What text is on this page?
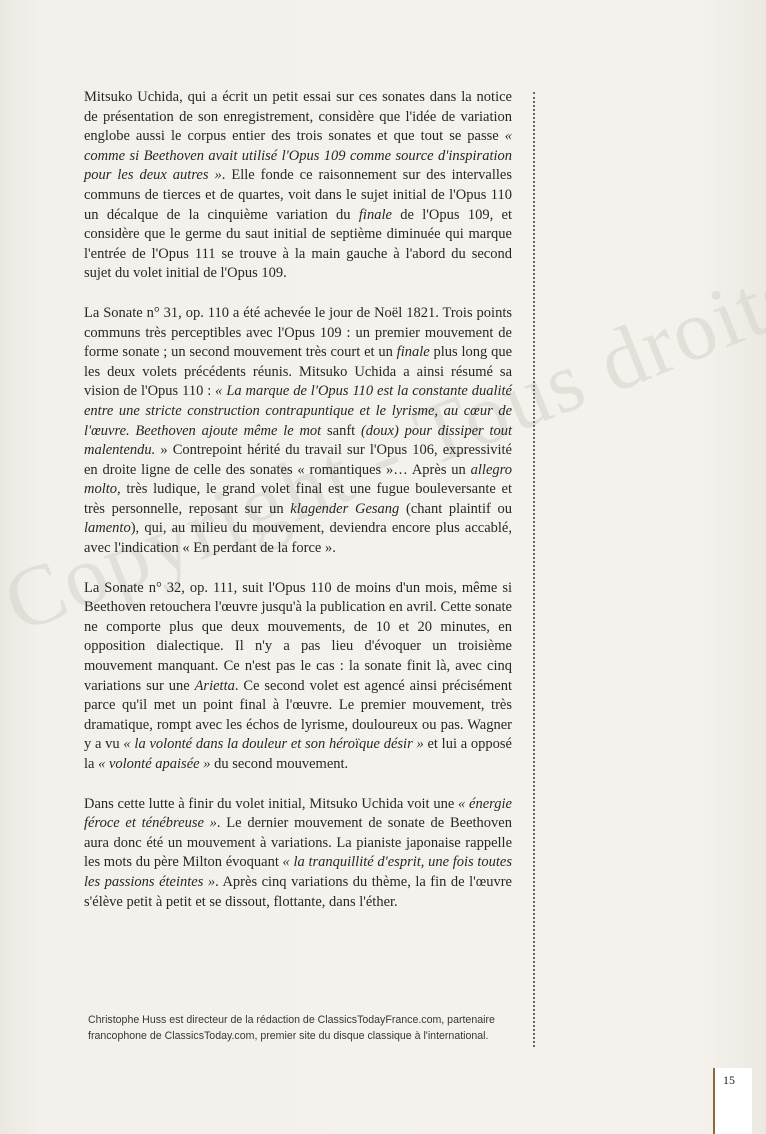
Mitsuko Uchida, qui a écrit un petit essai sur ces sonates dans la notice de présentation de son enregistrement, considère que l'idée de variation englobe aussi le corpus entier des trois sonates et que tout se passe « comme si Beethoven avait utilisé l'Opus 109 comme source d'inspiration pour les deux autres ». Elle fonde ce raisonnement sur des intervalles communs de tierces et de quartes, voit dans le sujet initial de l'Opus 110 un décalque de la cinquième variation du finale de l'Opus 109, et considère que le germe du saut initial de septième diminuée qui marque l'entrée de l'Opus 111 se trouve à la main gauche à l'abord du second sujet du volet initial de l'Opus 109.

La Sonate n° 31, op. 110 a été achevée le jour de Noël 1821. Trois points communs très perceptibles avec l'Opus 109 : un premier mouvement de forme sonate ; un second mouvement très court et un finale plus long que les deux volets précédents réunis. Mitsuko Uchida a ainsi résumé sa vision de l'Opus 110 : « La marque de l'Opus 110 est la constante dualité entre une stricte construction contrapuntique et le lyrisme, au cœur de l'œuvre. Beethoven ajoute même le mot sanft (doux) pour dissiper tout malentendu. » Contrepoint hérité du travail sur l'Opus 106, expressivité en droite ligne de celle des sonates « romantiques »… Après un allegro molto, très ludique, le grand volet final est une fugue bouleversante et très personnelle, reposant sur un klagender Gesang (chant plaintif ou lamento), qui, au milieu du mouvement, deviendra encore plus accablé, avec l'indication « En perdant de la force ».

La Sonate n° 32, op. 111, suit l'Opus 110 de moins d'un mois, même si Beethoven retouchera l'œuvre jusqu'à la publication en avril. Cette sonate ne comporte plus que deux mouvements, de 10 et 20 minutes, en opposition dialectique. Il n'y a pas lieu d'évoquer un troisième mouvement manquant. Ce n'est pas le cas : la sonate finit là, avec cinq variations sur une Arietta. Ce second volet est agencé ainsi précisément parce qu'il met un point final à l'œuvre. Le premier mouvement, très dramatique, rompt avec les échos de lyrisme, douloureux ou pas. Wagner y a vu « la volonté dans la douleur et son héroïque désir » et lui a opposé la « volonté apaisée » du second mouvement.

Dans cette lutte à finir du volet initial, Mitsuko Uchida voit une « énergie féroce et ténébreuse ». Le dernier mouvement de sonate de Beethoven aura donc été un mouvement à variations. La pianiste japonaise rappelle les mots du père Milton évoquant « la tranquillité d'esprit, une fois toutes les passions éteintes ». Après cinq variations du thème, la fin de l'œuvre s'élève petit à petit et se dissout, flottante, dans l'éther.

Christophe Huss est directeur de la rédaction de ClassicsTodayFrance.com, partenaire
francophone de ClassicsToday.com, premier site du disque classique à l'international.
15
